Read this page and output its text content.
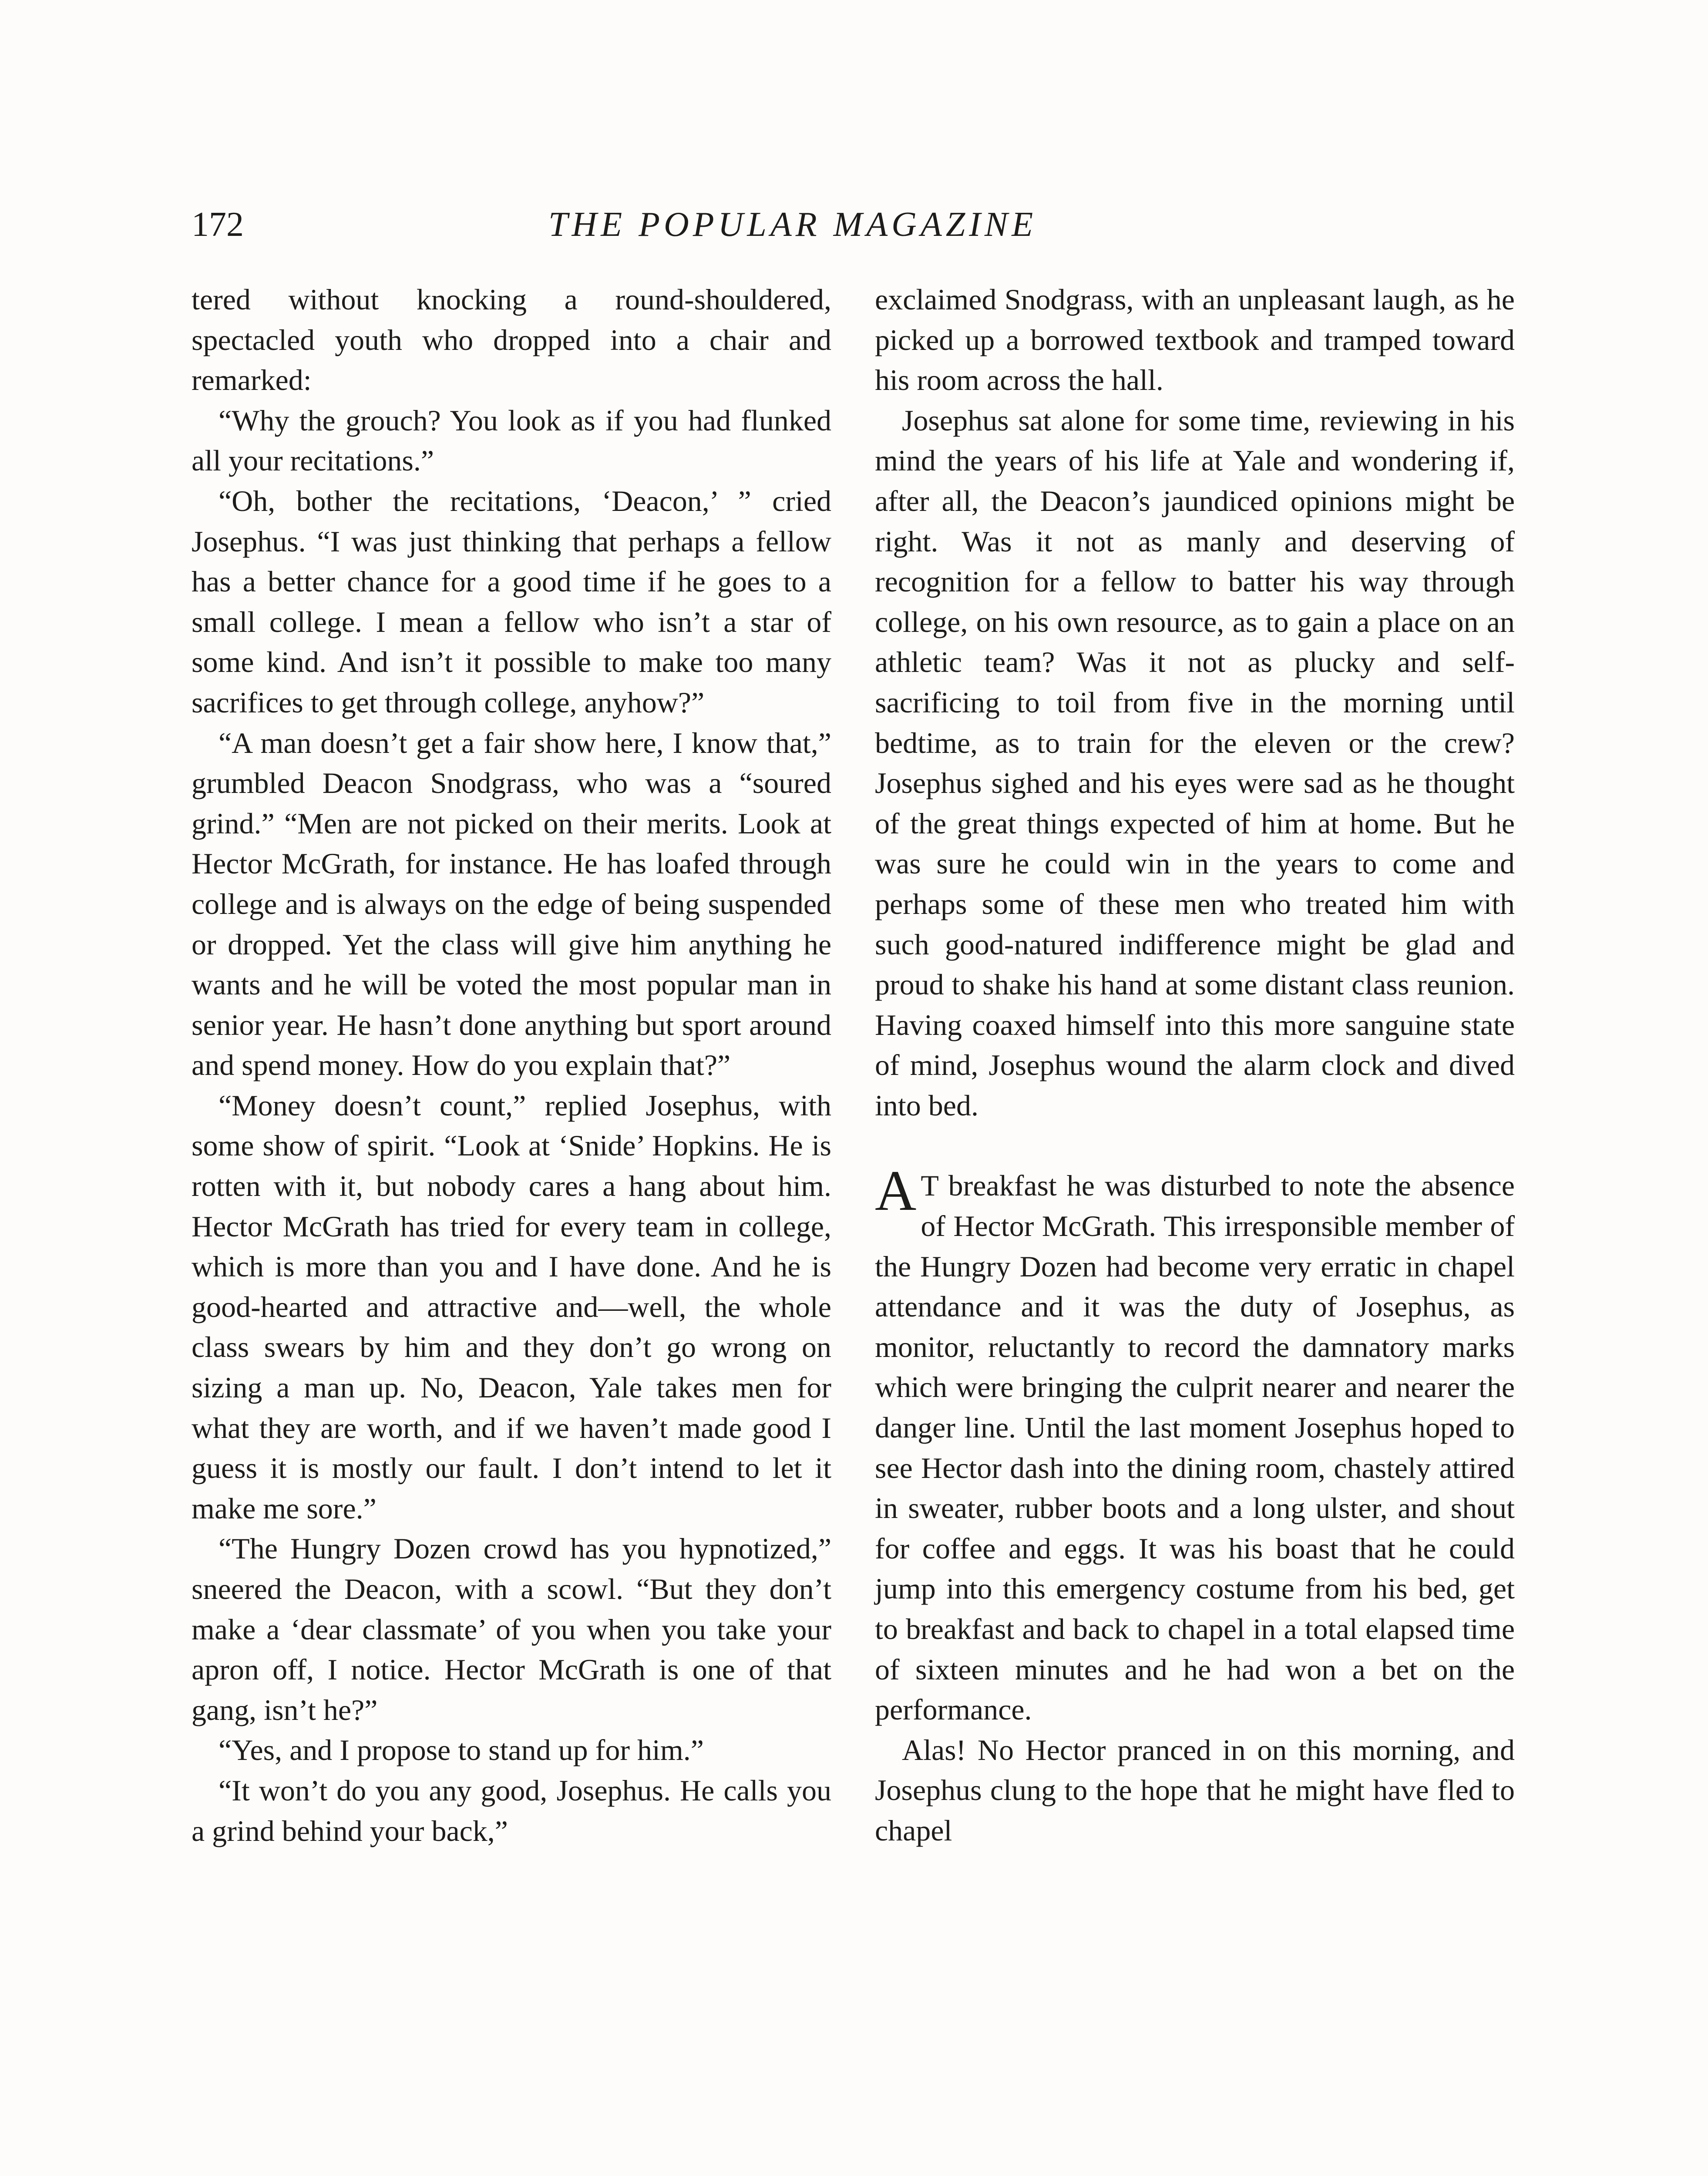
172	THE POPULAR MAGAZINE

tered without knocking a round-shouldered, spectacled youth who dropped into a chair and remarked:

“Why the grouch? You look as if you had flunked all your recitations.”

“Oh, bother the recitations, ‘Deacon,’ ” cried Josephus. “I was just thinking that perhaps a fellow has a better chance for a good time if he goes to a small college. I mean a fellow who isn’t a star of some kind. And isn’t it possible to make too many sacrifices to get through college, anyhow?”

“A man doesn’t get a fair show here, I know that,” grumbled Deacon Snodgrass, who was a “soured grind.” “Men are not picked on their merits. Look at Hector McGrath, for instance. He has loafed through college and is always on the edge of being suspended or dropped. Yet the class will give him anything he wants and he will be voted the most popular man in senior year. He hasn’t done anything but sport around and spend money. How do you explain that?”

“Money doesn’t count,” replied Josephus, with some show of spirit. “Look at ‘Snide’ Hopkins. He is rotten with it, but nobody cares a hang about him. Hector McGrath has tried for every team in college, which is more than you and I have done. And he is good-hearted and attractive and—well, the whole class swears by him and they don’t go wrong on sizing a man up. No, Deacon, Yale takes men for what they are worth, and if we haven’t made good I guess it is mostly our fault. I don’t intend to let it make me sore.”

“The Hungry Dozen crowd has you hypnotized,” sneered the Deacon, with a scowl. “But they don’t make a ‘dear classmate’ of you when you take your apron off, I notice. Hector McGrath is one of that gang, isn’t he?”

“Yes, and I propose to stand up for him.”

“It won’t do you any good, Josephus. He calls you a grind behind your back,”

exclaimed Snodgrass, with an unpleasant laugh, as he picked up a borrowed textbook and tramped toward his room across the hall.

Josephus sat alone for some time, reviewing in his mind the years of his life at Yale and wondering if, after all, the Deacon’s jaundiced opinions might be right. Was it not as manly and deserving of recognition for a fellow to batter his way through college, on his own resource, as to gain a place on an athletic team? Was it not as plucky and self-sacrificing to toil from five in the morning until bedtime, as to train for the eleven or the crew? Josephus sighed and his eyes were sad as he thought of the great things expected of him at home. But he was sure he could win in the years to come and perhaps some of these men who treated him with such good-natured indifference might be glad and proud to shake his hand at some distant class reunion. Having coaxed himself into this more sanguine state of mind, Josephus wound the alarm clock and dived into bed.

A T breakfast he was disturbed to note the absence of Hector McGrath. This irresponsible member of the Hungry Dozen had become very erratic in chapel attendance and it was the duty of Josephus, as monitor, reluctantly to record the damnatory marks which were bringing the culprit nearer and nearer the danger line. Until the last moment Josephus hoped to see Hector dash into the dining room, chastely attired in sweater, rubber boots and a long ulster, and shout for coffee and eggs. It was his boast that he could jump into this emergency costume from his bed, get to breakfast and back to chapel in a total elapsed time of sixteen minutes and he had won a bet on the performance.

Alas! No Hector pranced in on this morning, and Josephus clung to the hope that he might have fled to chapel
